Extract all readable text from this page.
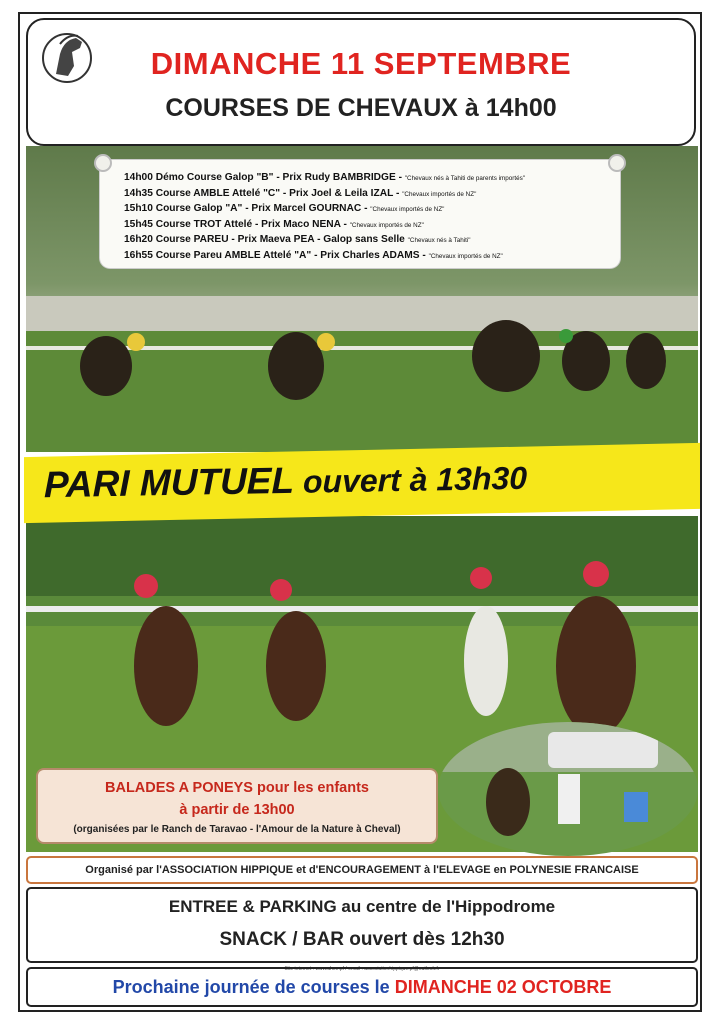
DIMANCHE 11 SEPTEMBRE
COURSES DE CHEVAUX à 14h00
14h00 Démo Course Galop "B" - Prix Rudy BAMBRIDGE - "Chevaux nés à Tahiti de parents importés"
14h35 Course AMBLE Attelé "C" - Prix Joel & Leila IZAL - "Chevaux importés de NZ"
15h10 Course Galop "A" - Prix Marcel GOURNAC - "Chevaux importés de NZ"
15h45 Course TROT Attelé - Prix Maco NENA - "Chevaux importés de NZ"
16h20 Course PAREU - Prix Maeva PEA - Galop sans Selle "Chevaux nés à Tahiti"
16h55 Course Pareu AMBLE Attelé "A" - Prix Charles ADAMS - "Chevaux importés de NZ"
PARI MUTUEL ouvert à 13h30
BALADES A PONEYS pour les enfants
à partir de 13h00
(organisées par le Ranch de Taravao - l'Amour de la Nature à Cheval)
Organisé par l'ASSOCIATION HIPPIQUE et d'ENCOURAGEMENT à l'ELEVAGE en POLYNESIE FRANCAISE
ENTREE & PARKING au centre de l'Hippodrome
SNACK / BAR ouvert dès 12h30
Site internet : www.ahee.pf / email : associationhippique.pf@outlook.fr
Prochaine journée de courses le DIMANCHE 02 OCTOBRE
